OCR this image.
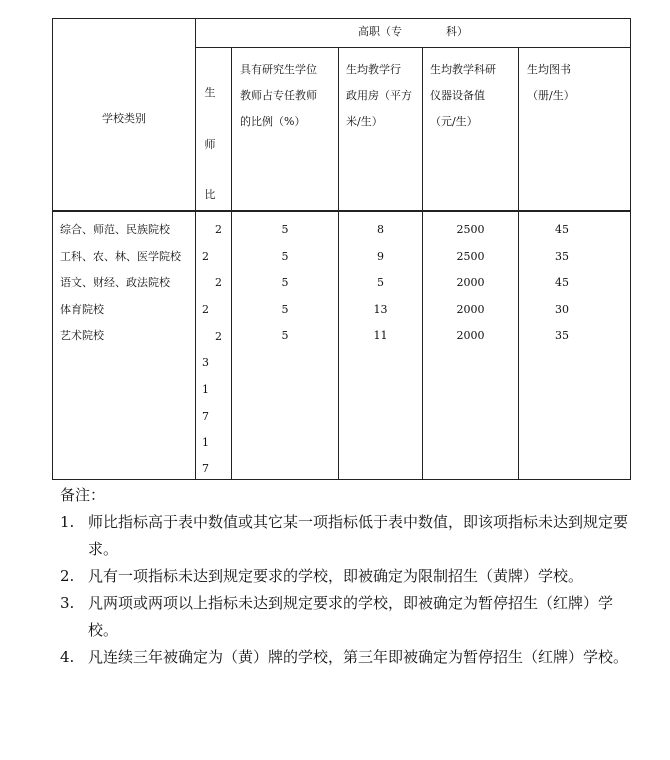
高职（专　　　　科）
学校类别
生
师
比
具有研究生学位
教师占专任教师
的比例（%）
生均教学行
政用房（平方
米/生）
生均教学科研
仪器设备值
（元/生）
生均图书
（册/生）
综合、师范、民族院校
工科、农、林、医学院校
语文、财经、政法院校
体育院校
艺术院校
2
2
2
2
2
3
1
7
1
7
5
5
5
5
5
8
9
5
13
11
2500
2500
2000
2000
2000
45
35
45
30
35
备注：
1. 师比指标高于表中数值或其它某一项指标低于表中数值，即该项指标未达到规定要求。
2. 凡有一项指标未达到规定要求的学校，即被确定为限制招生（黄牌）学校。
3. 凡两项或两项以上指标未达到规定要求的学校，即被确定为暂停招生（红牌）学校。
4. 凡连续三年被确定为（黄）牌的学校，第三年即被确定为暂停招生（红牌）学校。
